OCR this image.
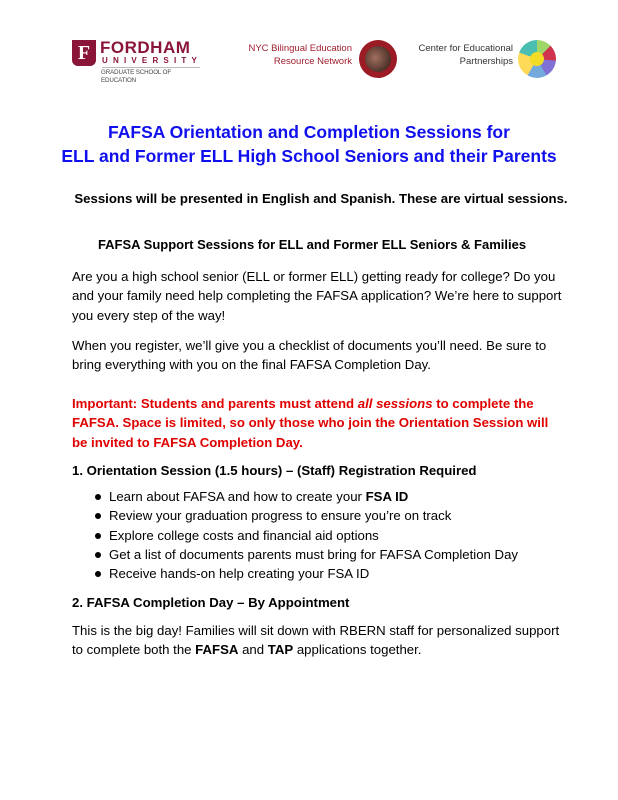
F FORDHAM
UNIVERSITY
GRADUATE SCHOOL OF EDUCATION
NYC Bilingual Education
Resource Network
Center for Educational
Partnerships
FAFSA Orientation and Completion Sessions for
ELL and Former ELL High School Seniors and their Parents
Sessions will be presented in English and Spanish. These are virtual sessions.
FAFSA Support Sessions for ELL and Former ELL Seniors & Families
Are you a high school senior (ELL or former ELL) getting ready for college? Do you and your family need help completing the FAFSA application? We’re here to support you every step of the way!
When you register, we’ll give you a checklist of documents you’ll need. Be sure to bring everything with you on the final FAFSA Completion Day.
Important: Students and parents must attend all sessions to complete the FAFSA. Space is limited, so only those who join the Orientation Session will be invited to FAFSA Completion Day.
1. Orientation Session (1.5 hours) – (Staff) Registration Required
Learn about FAFSA and how to create your FSA ID
Review your graduation progress to ensure you’re on track
Explore college costs and financial aid options
Get a list of documents parents must bring for FAFSA Completion Day
Receive hands-on help creating your FSA ID
2. FAFSA Completion Day – By Appointment
This is the big day! Families will sit down with RBERN staff for personalized support to complete both the FAFSA and TAP applications together.
